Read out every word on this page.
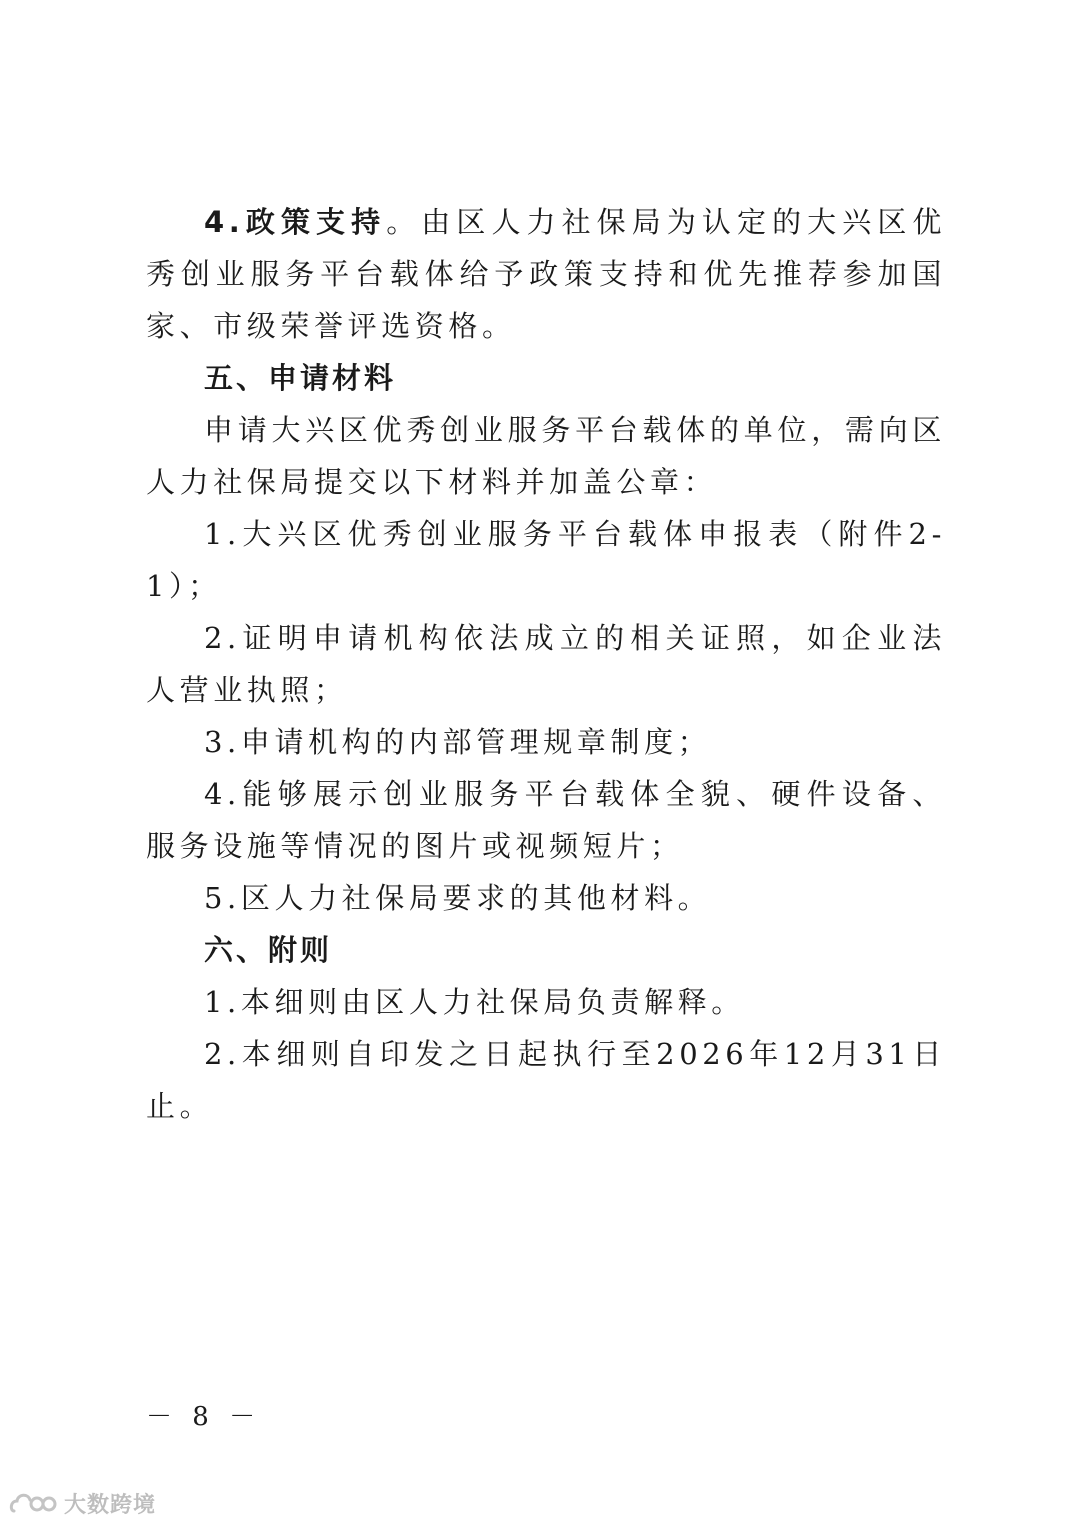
4.政策支持。由区人力社保局为认定的大兴区优秀创业服务平台载体给予政策支持和优先推荐参加国家、市级荣誉评选资格。

五、申请材料

申请大兴区优秀创业服务平台载体的单位，需向区人力社保局提交以下材料并加盖公章：

1.大兴区优秀创业服务平台载体申报表（附件2-1）；

2.证明申请机构依法成立的相关证照，如企业法人营业执照；

3.申请机构的内部管理规章制度；

4.能够展示创业服务平台载体全貌、硬件设备、服务设施等情况的图片或视频短片；

5.区人力社保局要求的其他材料。

六、附则

1.本细则由区人力社保局负责解释。

2.本细则自印发之日起执行至2026年12月31日止。

－ 8 －
大数跨境
